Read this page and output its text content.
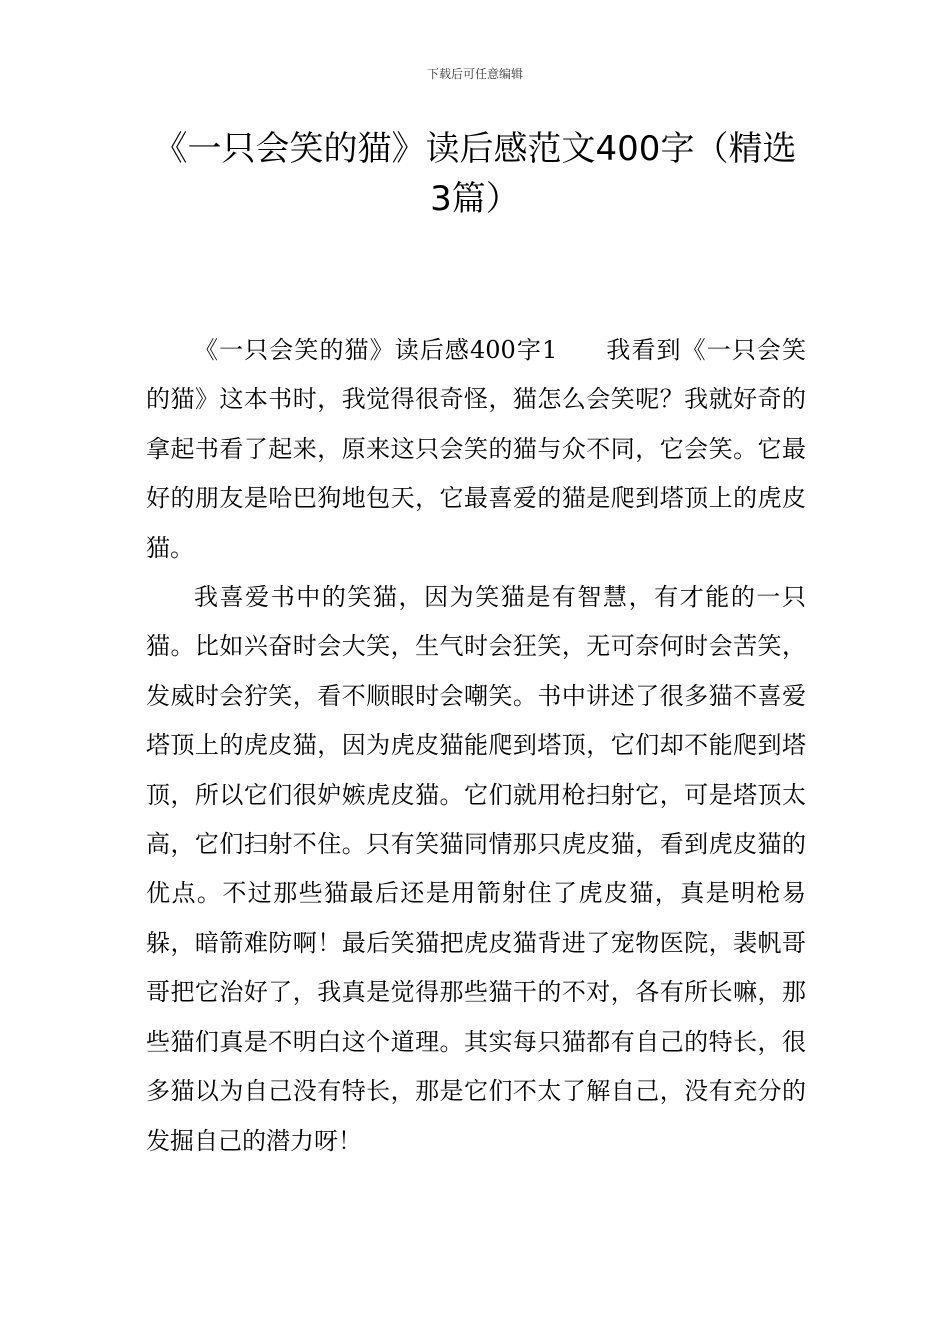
下载后可任意编辑
《一只会笑的猫》读后感范文400字（精选3篇）

《一只会笑的猫》读后感400字1 我看到《一只会笑的猫》这本书时，我觉得很奇怪，猫怎么会笑呢？我就好奇的拿起书看了起来，原来这只会笑的猫与众不同，它会笑。它最好的朋友是哈巴狗地包天，它最喜爱的猫是爬到塔顶上的虎皮猫。

我喜爱书中的笑猫，因为笑猫是有智慧，有才能的一只猫。比如兴奋时会大笑，生气时会狂笑，无可奈何时会苦笑，发威时会狞笑，看不顺眼时会嘲笑。书中讲述了很多猫不喜爱塔顶上的虎皮猫，因为虎皮猫能爬到塔顶，它们却不能爬到塔顶，所以它们很妒嫉虎皮猫。它们就用枪扫射它，可是塔顶太高，它们扫射不住。只有笑猫同情那只虎皮猫，看到虎皮猫的优点。不过那些猫最后还是用箭射住了虎皮猫，真是明枪易躲，暗箭难防啊！最后笑猫把虎皮猫背进了宠物医院，裴帆哥哥把它治好了，我真是觉得那些猫干的不对，各有所长嘛，那些猫们真是不明白这个道理。其实每只猫都有自己的特长，很多猫以为自己没有特长，那是它们不太了解自己，没有充分的发掘自己的潜力呀！
